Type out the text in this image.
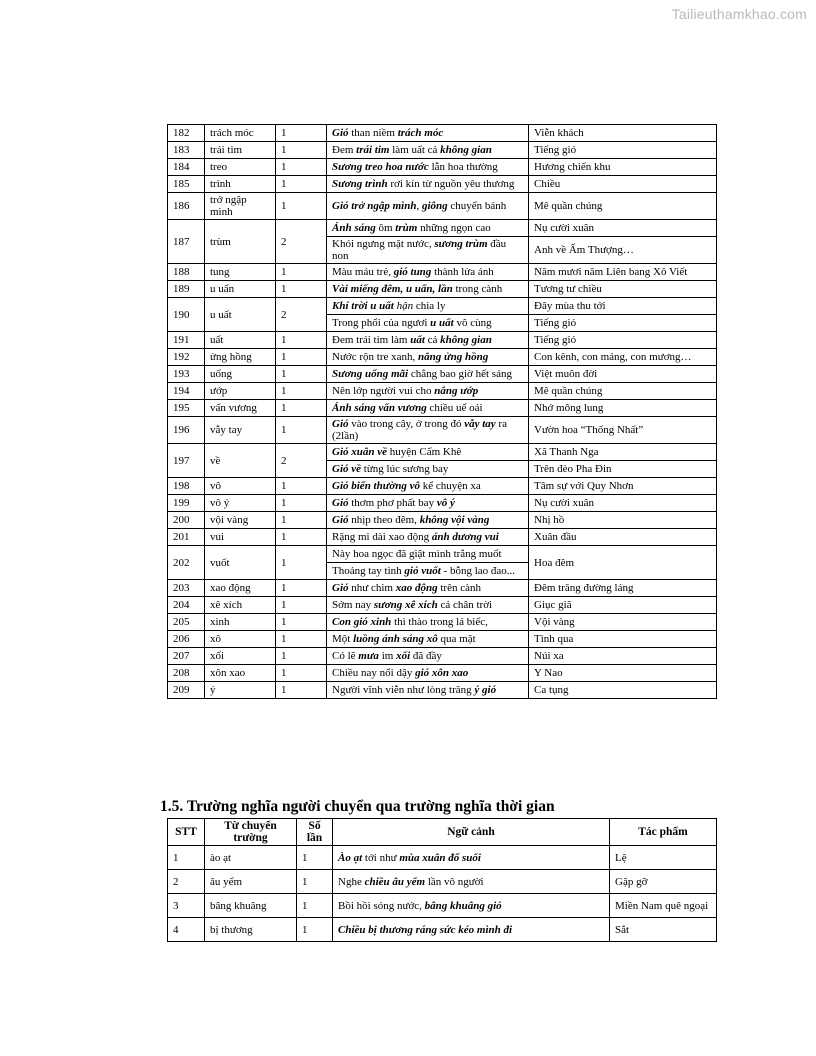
Tailieuthamkhao.com
182	trách móc	1	Gió than niềm trách móc	Viễn khách
183	trái tim	1	Đem trái tim làm uất cả không gian	Tiếng gió
184	treo	1	Sương treo hoa nước lẫn hoa thường	Hương chiến khu
185	trình	1	Sương trình rơi kín từ nguồn yêu thương	Chiều
186	trở ngập mình	1	Gió trở ngập mình, giông chuyển bánh	Mê quần chúng
187	trùm	2	Ánh sáng ôm trùm những ngọn cao	Nụ cười xuân
			Khói ngưng mặt nước, sương trùm đầu non	Anh về Ấm Thượng…
188	tung	1	Màu máu trẻ, gió tung thành lửa ánh	Năm mươi năm Liên bang Xô Viết
189	u uẩn	1	Vài miếng đêm, u uẩn, lần trong cành	Tương tư chiều
190	u uất	2	Khí trời u uất hận chia ly	Đây mùa thu tới
			Trong phổi của ngươi u uất vô cùng	Tiếng gió
191	uất	1	Đem trái tim làm uất cả không gian	Tiếng gió
192	ửng hồng	1	Nước rộn tre xanh, nắng ửng hồng	Con kênh, con máng, con mương…
193	uống	1	Sương uống mãi chẳng bao giờ hết sáng	Việt muôn đời
194	ướp	1	Nên lớp người vui cho nắng ướp	Mê quần chúng
195	vấn vương	1	Ánh sáng vấn vương chiều uể oải	Nhớ mông lung
196	vẫy tay	1	Gió vào trong cây, ở trong đó vẫy tay ra (2lần)	Vườn hoa “Thống Nhất”
197	về	2	Gió xuân về huyện Cẩm Khê	Xã Thanh Nga
			Gió về từng lúc sương bay	Trên đèo Pha Đin
198	vô	1	Gió biển thường vô kể chuyện xa	Tâm sự với Quy Nhơn
199	vô ý	1	Gió thơm phơ phất bay vô ý	Nụ cười xuân
200	vội vàng	1	Gió nhịp theo đêm, không vội vàng	Nhị hồ
201	vui	1	Rặng mi dài xao động ánh dương vui	Xuân đầu
202	vuốt	1	Này hoa ngọc đã giật mình trắng muốt	Hoa đêm
			Thoảng tay tình gió vuốt - bỗng lao đao...	
203	xao động	1	Gió như chim xao động trên cành	Đêm trăng đường láng
204	xê xích	1	Sớm nay sương xê xích cả chân trời	Giục giã
205	xinh	1	Con gió xinh thì thào trong lá biếc,	Vội vàng
206	xô	1	Một luồng ánh sáng xô qua mặt	Tình qua
207	xối	1	Có lẽ mưa im xối đã đầy	Núi xa
208	xôn xao	1	Chiều nay nổi dậy gió xôn xao	Y Nao
209	ý	1	Người vĩnh viễn như lòng trăng ý gió	Ca tụng
1.5. Trường nghĩa người chuyển qua trường nghĩa thời gian
STT	Từ chuyển trường	Số lần	Ngữ cảnh	Tác phẩm
1	ào ạt	1	Ào ạt tới như mùa xuân đổ suối	Lệ
2	âu yếm	1	Nghe chiều âu yếm lần vô người	Gặp gỡ
3	bâng khuâng	1	Bồi hồi sóng nước, bâng khuâng gió	Miền Nam quê ngoại
4	bị thương	1	Chiều bị thương ráng sức kéo mình đi	Sắt
